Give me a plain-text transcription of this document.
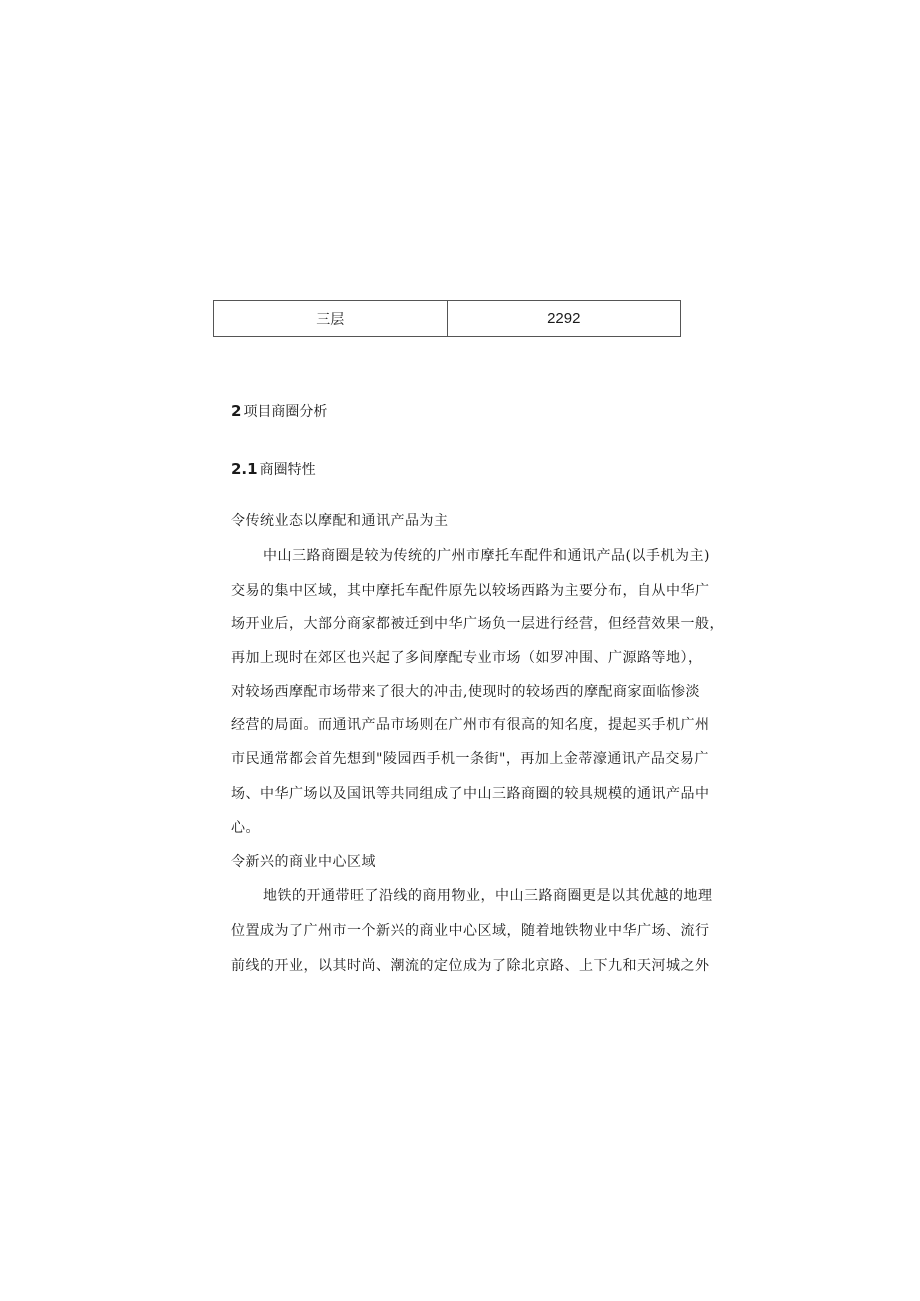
三层	2292
2 项目商圈分析
2.1 商圈特性

令传统业态以摩配和通讯产品为主

中山三路商圈是较为传统的广州市摩托车配件和通讯产品(以手机为主)

交易的集中区域，其中摩托车配件原先以较场西路为主要分布，自从中华广

场开业后，大部分商家都被迁到中华广场负一层进行经营，但经营效果一般，

再加上现时在郊区也兴起了多间摩配专业市场（如罗冲围、广源路等地），

对较场西摩配市场带来了很大的冲击,使现时的较场西的摩配商家面临惨淡

经营的局面。而通讯产品市场则在广州市有很高的知名度，提起买手机广州

市民通常都会首先想到"陵园西手机一条街"，再加上金蒂濠通讯产品交易广

场、中华广场以及国讯等共同组成了中山三路商圈的较具规模的通讯产品中

心。

令新兴的商业中心区域

地铁的开通带旺了沿线的商用物业，中山三路商圈更是以其优越的地理

位置成为了广州市一个新兴的商业中心区域，随着地铁物业中华广场、流行

前线的开业，以其时尚、潮流的定位成为了除北京路、上下九和天河城之外
